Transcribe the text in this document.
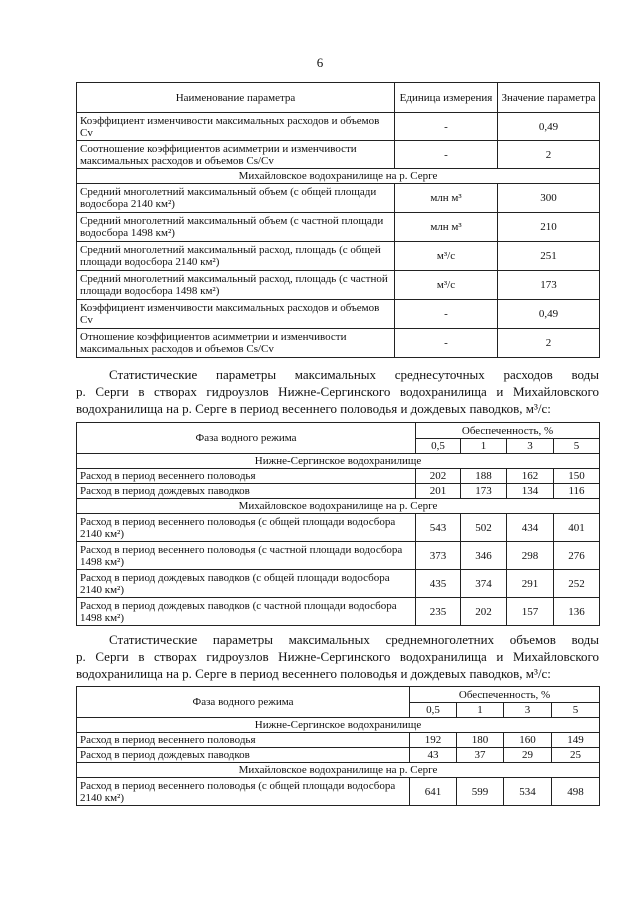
6
Наименование параметра	Единица измерения	Значение параметра
Коэффициент изменчивости максимальных расходов и объемов Cv	-	0,49
Соотношение коэффициентов асимметрии и изменчивости максимальных расходов и объемов Cs/Cv	-	2
Михайловское водохранилище на р. Серге		
Средний многолетний максимальный объем (с общей площади водосбора 2140 км²)	млн м³	300
Средний многолетний максимальный объем (с частной площади водосбора 1498 км²)	млн м³	210
Средний многолетний максимальный расход, площадь (с общей площади водосбора 2140 км²)	м³/с	251
Средний многолетний максимальный расход, площадь (с частной площади водосбора 1498 км²)	м³/с	173
Коэффициент изменчивости максимальных расходов и объемов Cv	-	0,49
Отношение коэффициентов асимметрии и изменчивости максимальных расходов и объемов Cs/Cv	-	2

Статистические параметры максимальных среднесуточных расходов воды
р. Серги в створах гидроузлов Нижне-Сергинского водохранилища и Михайловского
водохранилища на р. Серге в период весеннего половодья и дождевых паводков, м³/с:

Фаза водного режима	Обеспеченность, %			
	0,5	1	3	5
Нижне-Сергинское водохранилище				
Расход в период весеннего половодья	202	188	162	150
Расход в период дождевых паводков	201	173	134	116
Михайловское водохранилище на р. Серге				
Расход в период весеннего половодья (с общей площади водосбора 2140 км²)	543	502	434	401
Расход в период весеннего половодья (с частной площади водосбора 1498 км²)	373	346	298	276
Расход в период дождевых паводков (с общей площади водосбора 2140 км²)	435	374	291	252
Расход в период дождевых паводков (с частной площади водосбора 1498 км²)	235	202	157	136

Статистические параметры максимальных среднемноголетних объемов воды
р. Серги в створах гидроузлов Нижне-Сергинского водохранилища и Михайловского
водохранилища на р. Серге в период весеннего половодья и дождевых паводков, м³/с:

Фаза водного режима	Обеспеченность, %			
	0,5	1	3	5
Нижне-Сергинское водохранилище				
Расход в период весеннего половодья	192	180	160	149
Расход в период дождевых паводков	43	37	29	25
Михайловское водохранилище на р. Серге				
Расход в период весеннего половодья (с общей площади водосбора 2140 км²)	641	599	534	498
